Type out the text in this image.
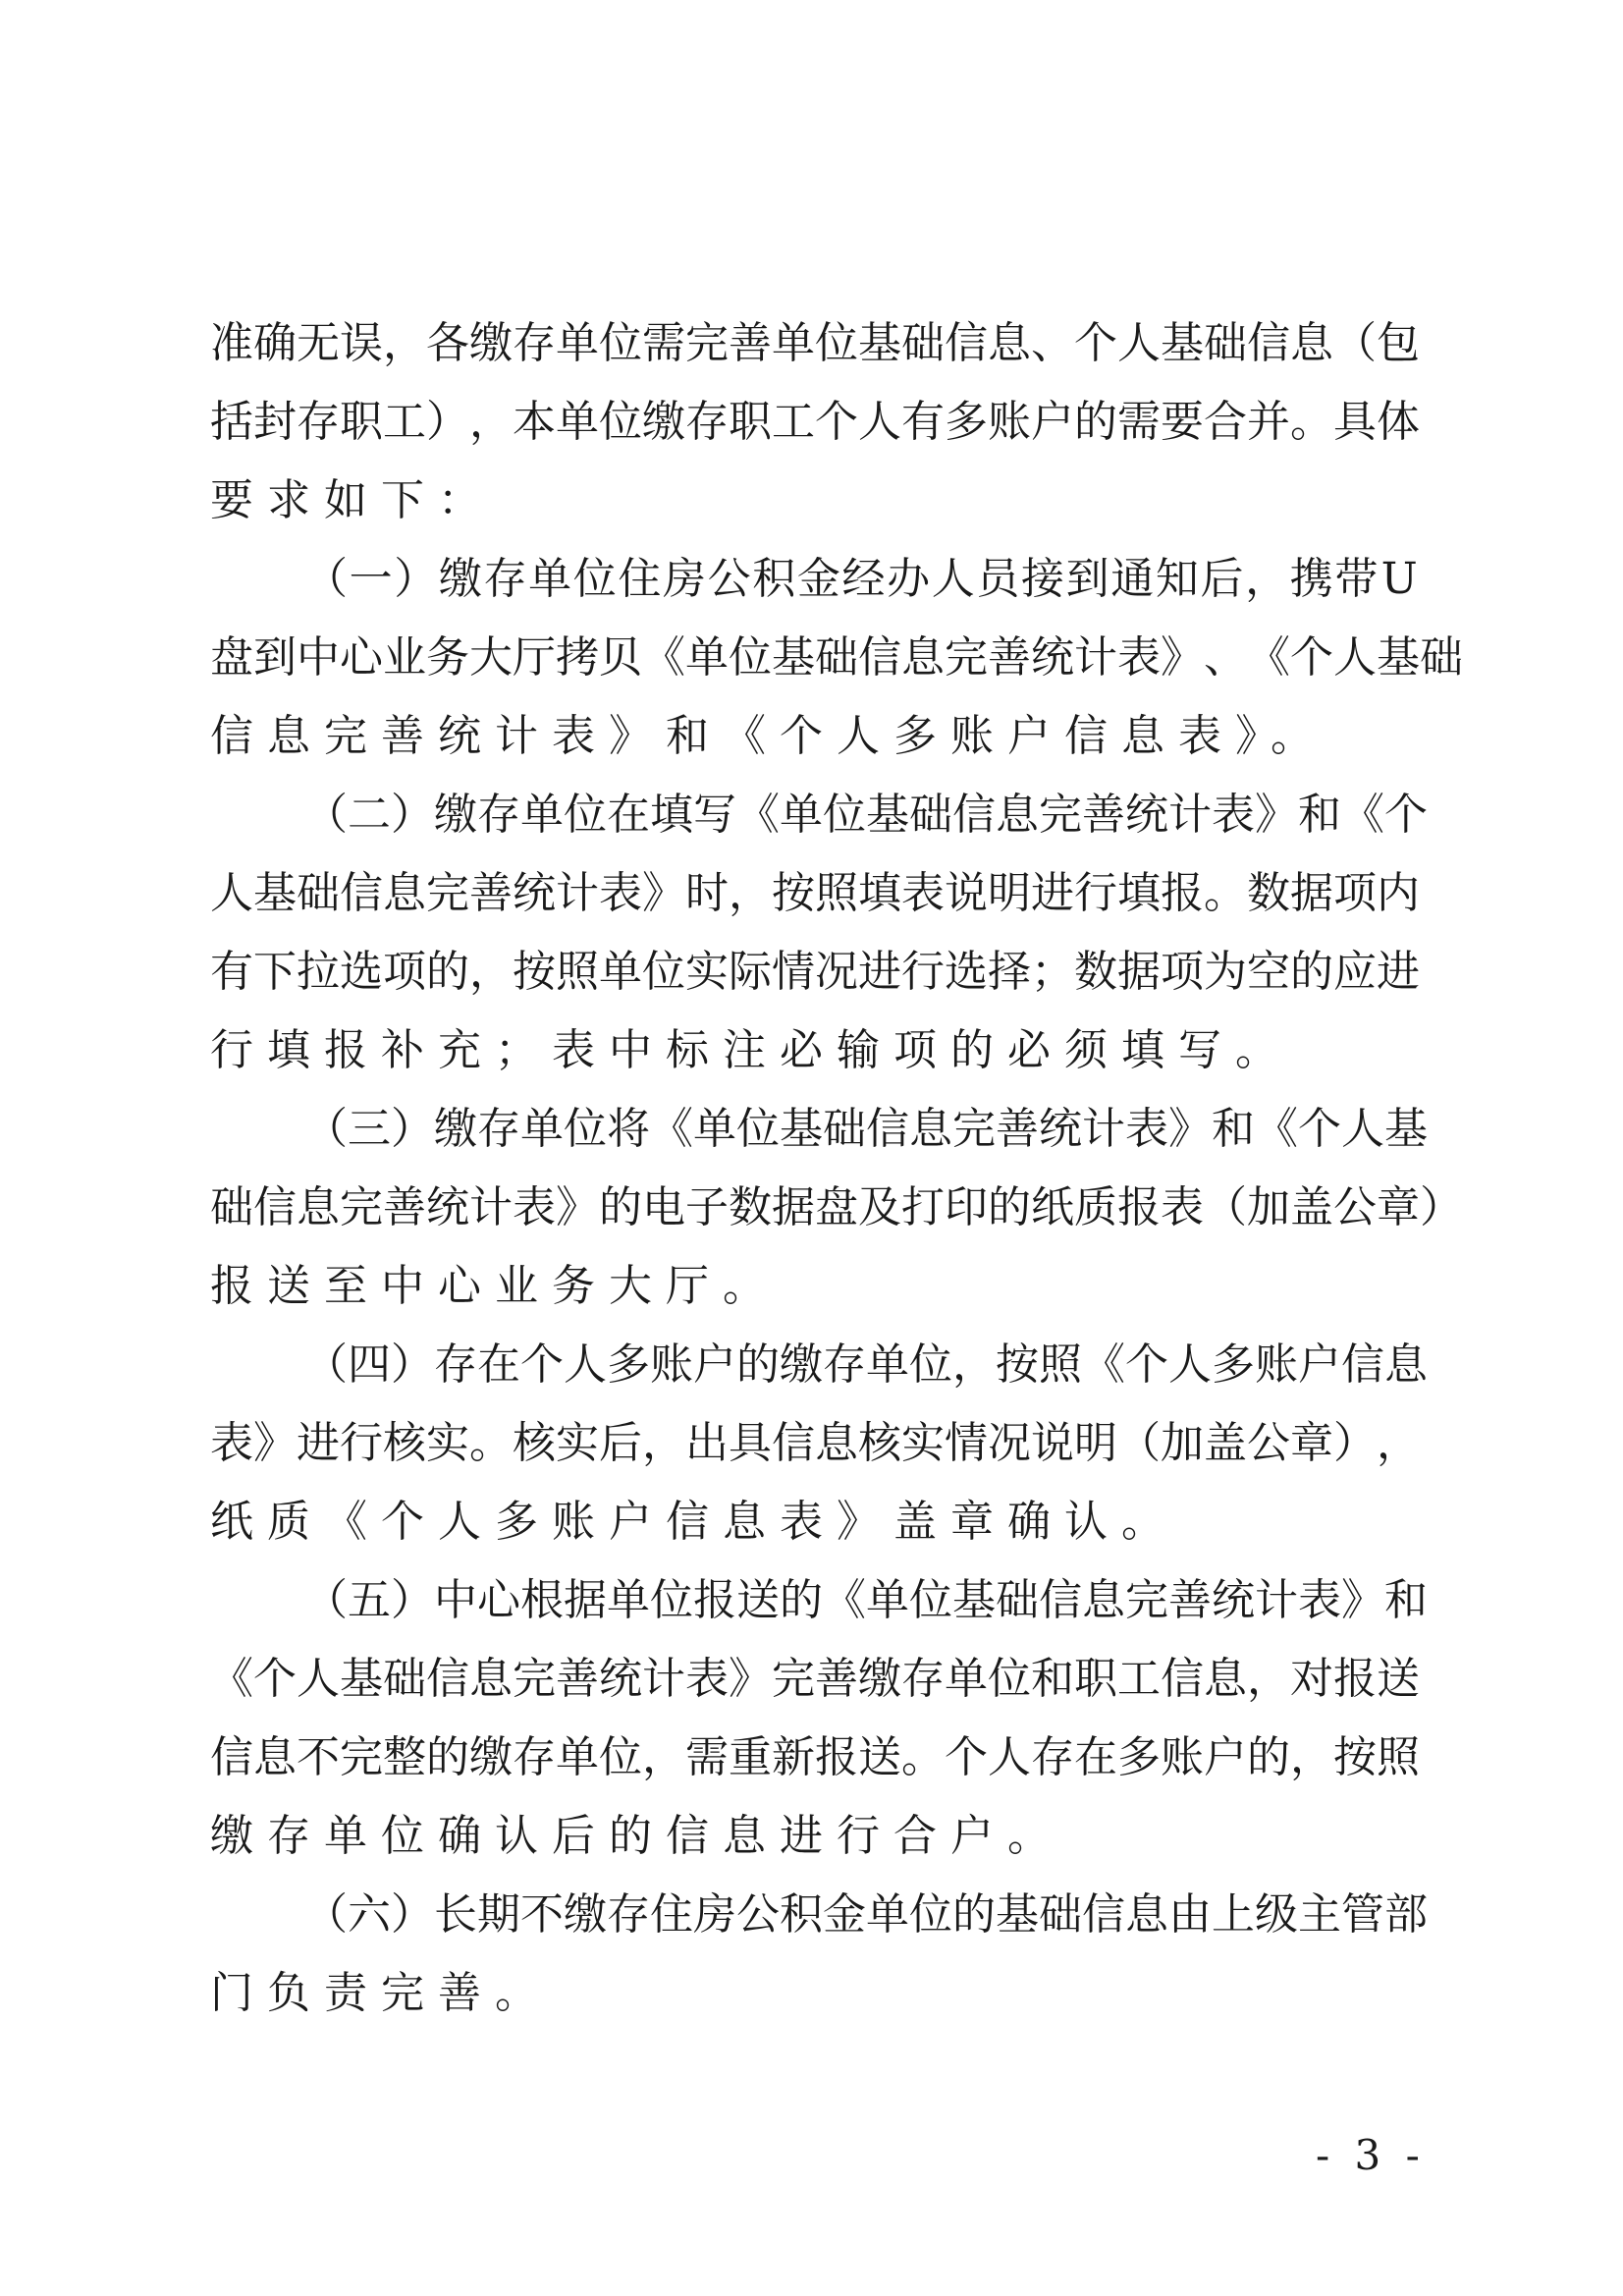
准 确 无 误 ， 各 缴 存 单 位 需 完 善 单 位 基 础 信 息 、 个 人 基 础 信 息 （ 包
括 封 存 职 工 ） ， 本 单 位 缴 存 职 工 个 人 有 多 账 户 的 需 要 合 并 。 具 体
要求如下：
（ 一 ） 缴 存 单 位 住 房 公 积 金 经 办 人 员 接 到 通 知 后 ， 携 带 U
盘 到 中 心 业 务 大 厅 拷 贝 《 单 位 基 础 信 息 完 善 统 计 表 》 、 《 个 人 基 础
信息完善统计表》和《个人多账户信息表》。
（ 二 ） 缴 存 单 位 在 填 写 《 单 位 基 础 信 息 完 善 统 计 表 》 和 《 个
人 基 础 信 息 完 善 统 计 表 》 时 ， 按 照 填 表 说 明 进 行 填 报 。 数 据 项 内
有 下 拉 选 项 的 ， 按 照 单 位 实 际 情 况 进 行 选 择 ； 数 据 项 为 空 的 应 进
行填报补充；表中标注必输项的必须填写。
（ 三 ） 缴 存 单 位 将 《 单 位 基 础 信 息 完 善 统 计 表 》 和 《 个 人 基
础 信 息 完 善 统 计 表 》 的 电 子 数 据 盘 及 打 印 的 纸 质 报 表 （ 加 盖 公 章 ）
报送至中心业务大厅。
（ 四 ） 存 在 个 人 多 账 户 的 缴 存 单 位 ， 按 照 《 个 人 多 账 户 信 息
表 》 进 行 核 实 。 核 实 后 ， 出 具 信 息 核 实 情 况 说 明 （ 加 盖 公 章 ） ，
纸质《个人多账户信息表》盖章确认。
（ 五 ） 中 心 根 据 单 位 报 送 的 《 单 位 基 础 信 息 完 善 统 计 表 》 和
《 个 人 基 础 信 息 完 善 统 计 表 》 完 善 缴 存 单 位 和 职 工 信 息 ， 对 报 送
信 息 不 完 整 的 缴 存 单 位 ， 需 重 新 报 送 。 个 人 存 在 多 账 户 的 ， 按 照
缴存单位确认后的信息进行合户。
（ 六 ） 长 期 不 缴 存 住 房 公 积 金 单 位 的 基 础 信 息 由 上 级 主 管 部
门负责完善。
- 3 -
